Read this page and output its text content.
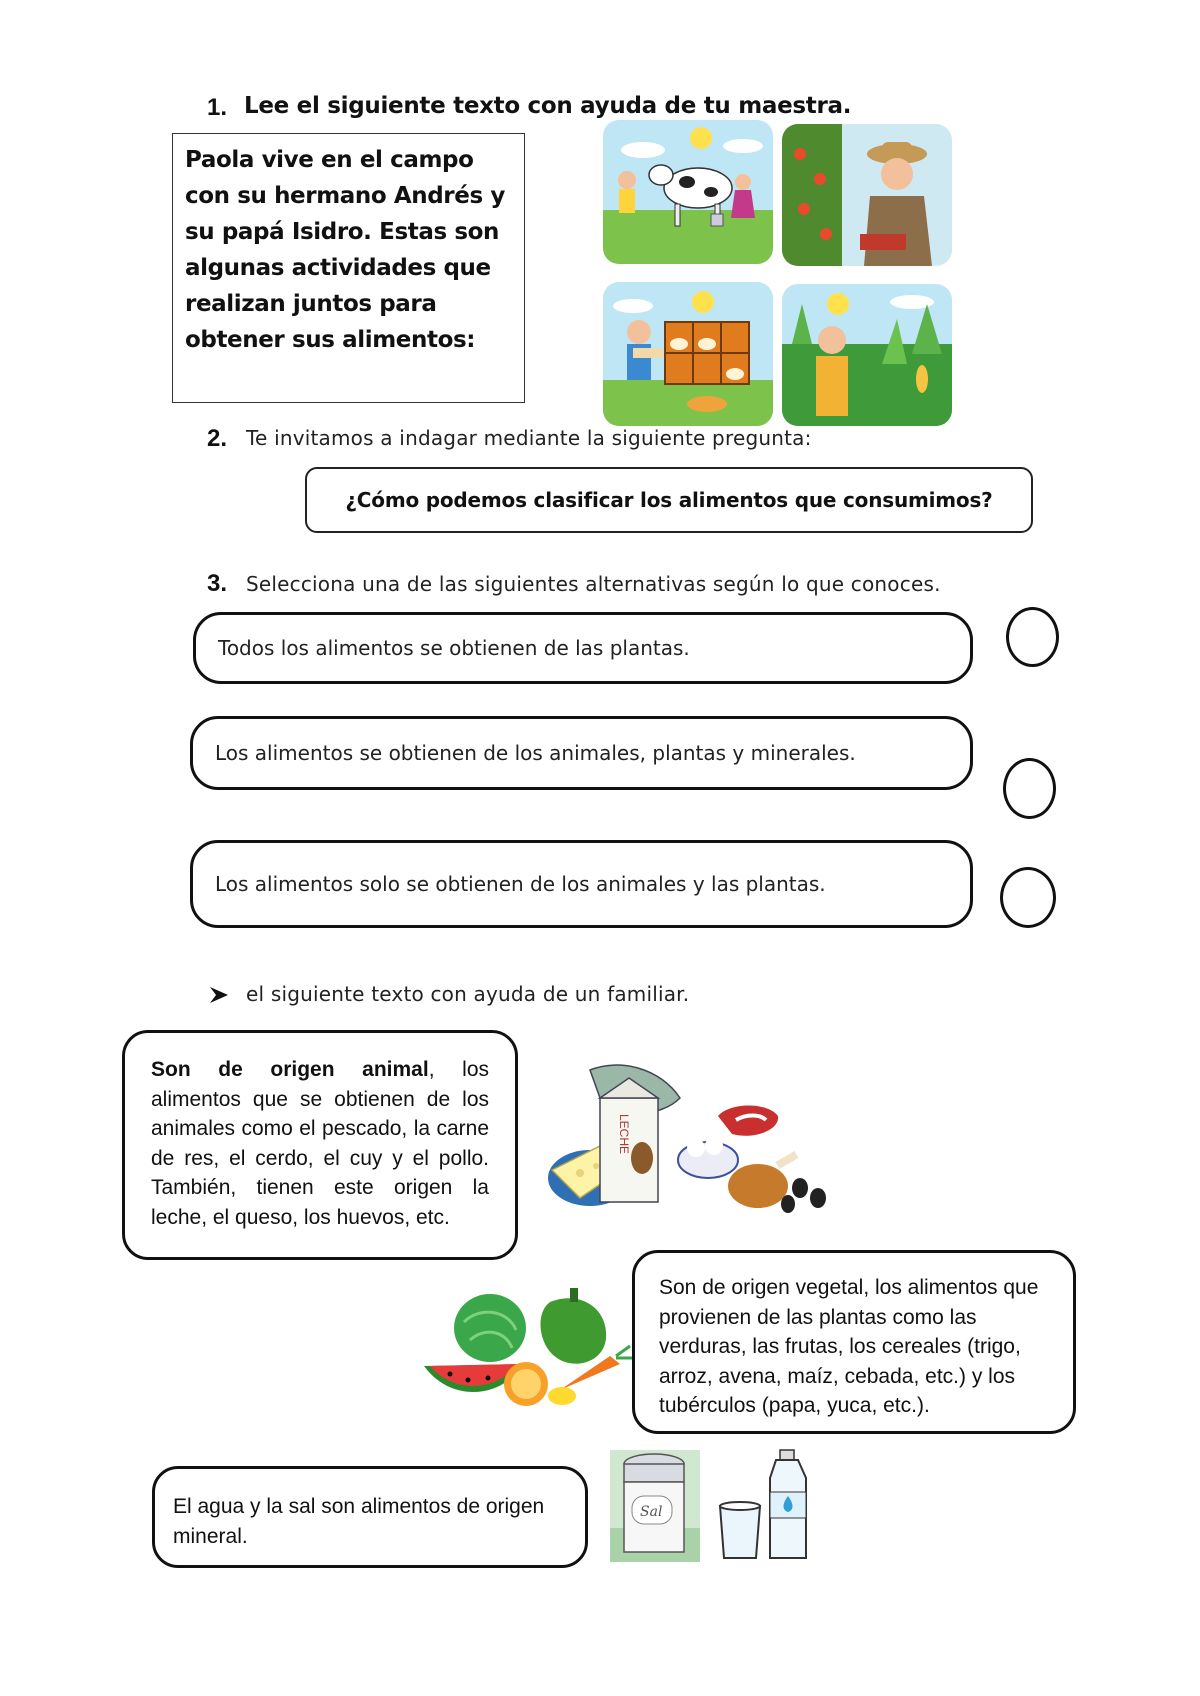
1. Lee el siguiente texto con ayuda de tu maestra.
Paola vive en el campo con su hermano Andrés y su papá Isidro. Estas son algunas actividades que realizan juntos para obtener sus alimentos:
2. Te invitamos a indagar mediante la siguiente pregunta:
¿Cómo podemos clasificar los alimentos que consumimos?
3. Selecciona una de las siguientes alternativas según lo que conoces.
Todos los alimentos se obtienen de las plantas.
Los alimentos se obtienen de los animales, plantas y minerales.
Los alimentos solo se obtienen de los animales y las plantas.
el siguiente texto con ayuda de un familiar.
Son de origen animal, los alimentos que se obtienen de los animales como el pescado, la carne de res, el cerdo, el cuy y el pollo. También, tienen este origen la leche, el queso, los huevos, etc.
LECHE
Son de origen vegetal, los alimentos que provienen de las plantas como las verduras, las frutas, los cereales (trigo, arroz, avena, maíz, cebada, etc.) y los tubérculos (papa, yuca, etc.).
El agua y la sal son alimentos de origen mineral.
Sal
